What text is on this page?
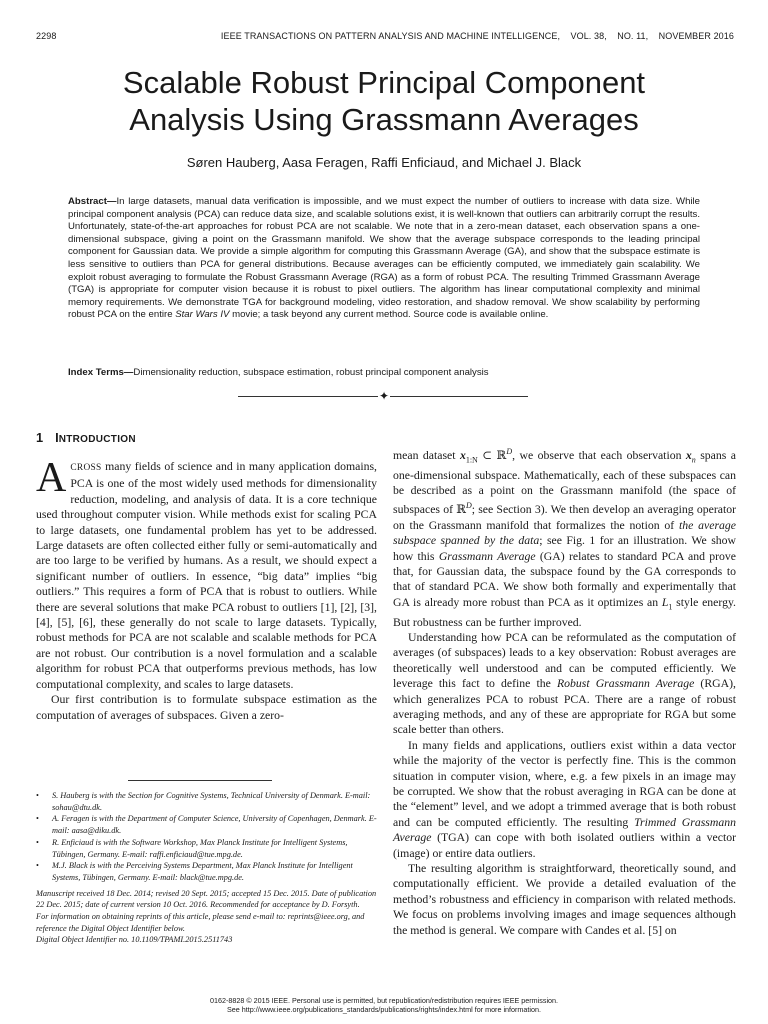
2298	IEEE TRANSACTIONS ON PATTERN ANALYSIS AND MACHINE INTELLIGENCE,    VOL. 38,    NO. 11,    NOVEMBER 2016
Scalable Robust Principal Component
Analysis Using Grassmann Averages
Søren Hauberg, Aasa Feragen, Raffi Enficiaud, and Michael J. Black
Abstract—In large datasets, manual data verification is impossible, and we must expect the number of outliers to increase with data size. While principal component analysis (PCA) can reduce data size, and scalable solutions exist, it is well-known that outliers can arbitrarily corrupt the results. Unfortunately, state-of-the-art approaches for robust PCA are not scalable. We note that in a zero-mean dataset, each observation spans a one-dimensional subspace, giving a point on the Grassmann manifold. We show that the average subspace corresponds to the leading principal component for Gaussian data. We provide a simple algorithm for computing this Grassmann Average (GA), and show that the subspace estimate is less sensitive to outliers than PCA for general distributions. Because averages can be efficiently computed, we immediately gain scalability. We exploit robust averaging to formulate the Robust Grassmann Average (RGA) as a form of robust PCA. The resulting Trimmed Grassmann Average (TGA) is appropriate for computer vision because it is robust to pixel outliers. The algorithm has linear computational complexity and minimal memory requirements. We demonstrate TGA for background modeling, video restoration, and shadow removal. We show scalability by performing robust PCA on the entire Star Wars IV movie; a task beyond any current method. Source code is available online.
Index Terms—Dimensionality reduction, subspace estimation, robust principal component analysis
✦
1 INTRODUCTION

ACROSS many fields of science and in many application domains, PCA is one of the most widely used methods for dimensionality reduction, modeling, and analysis of data. It is a core technique used throughout computer vision. While methods exist for scaling PCA to large datasets, one fundamental problem has yet to be addressed. Large datasets are often collected either fully or semi-automatically and are too large to be verified by humans. As a result, we should expect a significant number of outliers. In essence, “big data” implies “big outliers.” This requires a form of PCA that is robust to outliers. While there are several solutions that make PCA robust to outliers [1], [2], [3], [4], [5], [6], these generally do not scale to large datasets. Typically, robust methods for PCA are not scalable and scalable methods for PCA are not robust. Our contribution is a novel formulation and a scalable algorithm for robust PCA that outperforms previous methods, has low computational complexity, and scales to large datasets.

Our first contribution is to formulate subspace estimation as the computation of averages of subspaces. Given a zero-

• S. Hauberg is with the Section for Cognitive Systems, Technical University of Denmark. E-mail: sohau@dtu.dk.
• A. Feragen is with the Department of Computer Science, University of Copenhagen, Denmark. E-mail: aasa@diku.dk.
• R. Enficiaud is with the Software Workshop, Max Planck Institute for Intelligent Systems, Tübingen, Germany. E-mail: raffi.enficiaud@tue.mpg.de.
• M.J. Black is with the Perceiving Systems Department, Max Planck Institute for Intelligent Systems, Tübingen, Germany. E-mail: black@tue.mpg.de.
Manuscript received 18 Dec. 2014; revised 20 Sept. 2015; accepted 15 Dec. 2015. Date of publication 22 Dec. 2015; date of current version 10 Oct. 2016. Recommended for acceptance by D. Forsyth.
For information on obtaining reprints of this article, please send e-mail to: reprints@ieee.org, and reference the Digital Object Identifier below.
Digital Object Identifier no. 10.1109/TPAMI.2015.2511743

mean dataset $x_{1:N}$ ⊂ ℝ$^D$, we observe that each observation $x_n$ spans a one-dimensional subspace. Mathematically, each of these subspaces can be described as a point on the Grassmann manifold (the space of subspaces of ℝ$^D$; see Section 3). We then develop an averaging operator on the Grassmann manifold that formalizes the notion of the average subspace spanned by the data; see Fig. 1 for an illustration. We show how this Grassmann Average (GA) relates to standard PCA and prove that, for Gaussian data, the subspace found by the GA corresponds to that of standard PCA. We show both formally and experimentally that GA is already more robust than PCA as it optimizes an $L_1$ style energy. But robustness can be further improved.

Understanding how PCA can be reformulated as the computation of averages (of subspaces) leads to a key observation: Robust averages are theoretically well understood and can be computed efficiently. We leverage this fact to define the Robust Grassmann Average (RGA), which generalizes PCA to robust PCA. There are a range of robust averaging methods, and any of these are appropriate for RGA but some scale better than others.

In many fields and applications, outliers exist within a data vector while the majority of the vector is perfectly fine. This is the common situation in computer vision, where, e.g. a few pixels in an image may be corrupted. We show that the robust averaging in RGA can be done at the “element” level, and we adopt a trimmed average that is both robust and can be computed efficiently. The resulting Trimmed Grassmann Average (TGA) can cope with both isolated outliers within a vector (image) or entire data outliers.

The resulting algorithm is straightforward, theoretically sound, and computationally efficient. We provide a detailed evaluation of the method’s robustness and efficiency in comparison with related methods. We focus on problems involving images and image sequences although the method is general. We compare with Candes et al. [5] on

0162-8828 © 2015 IEEE. Personal use is permitted, but republication/redistribution requires IEEE permission.
See http://www.ieee.org/publications_standards/publications/rights/index.html for more information.
